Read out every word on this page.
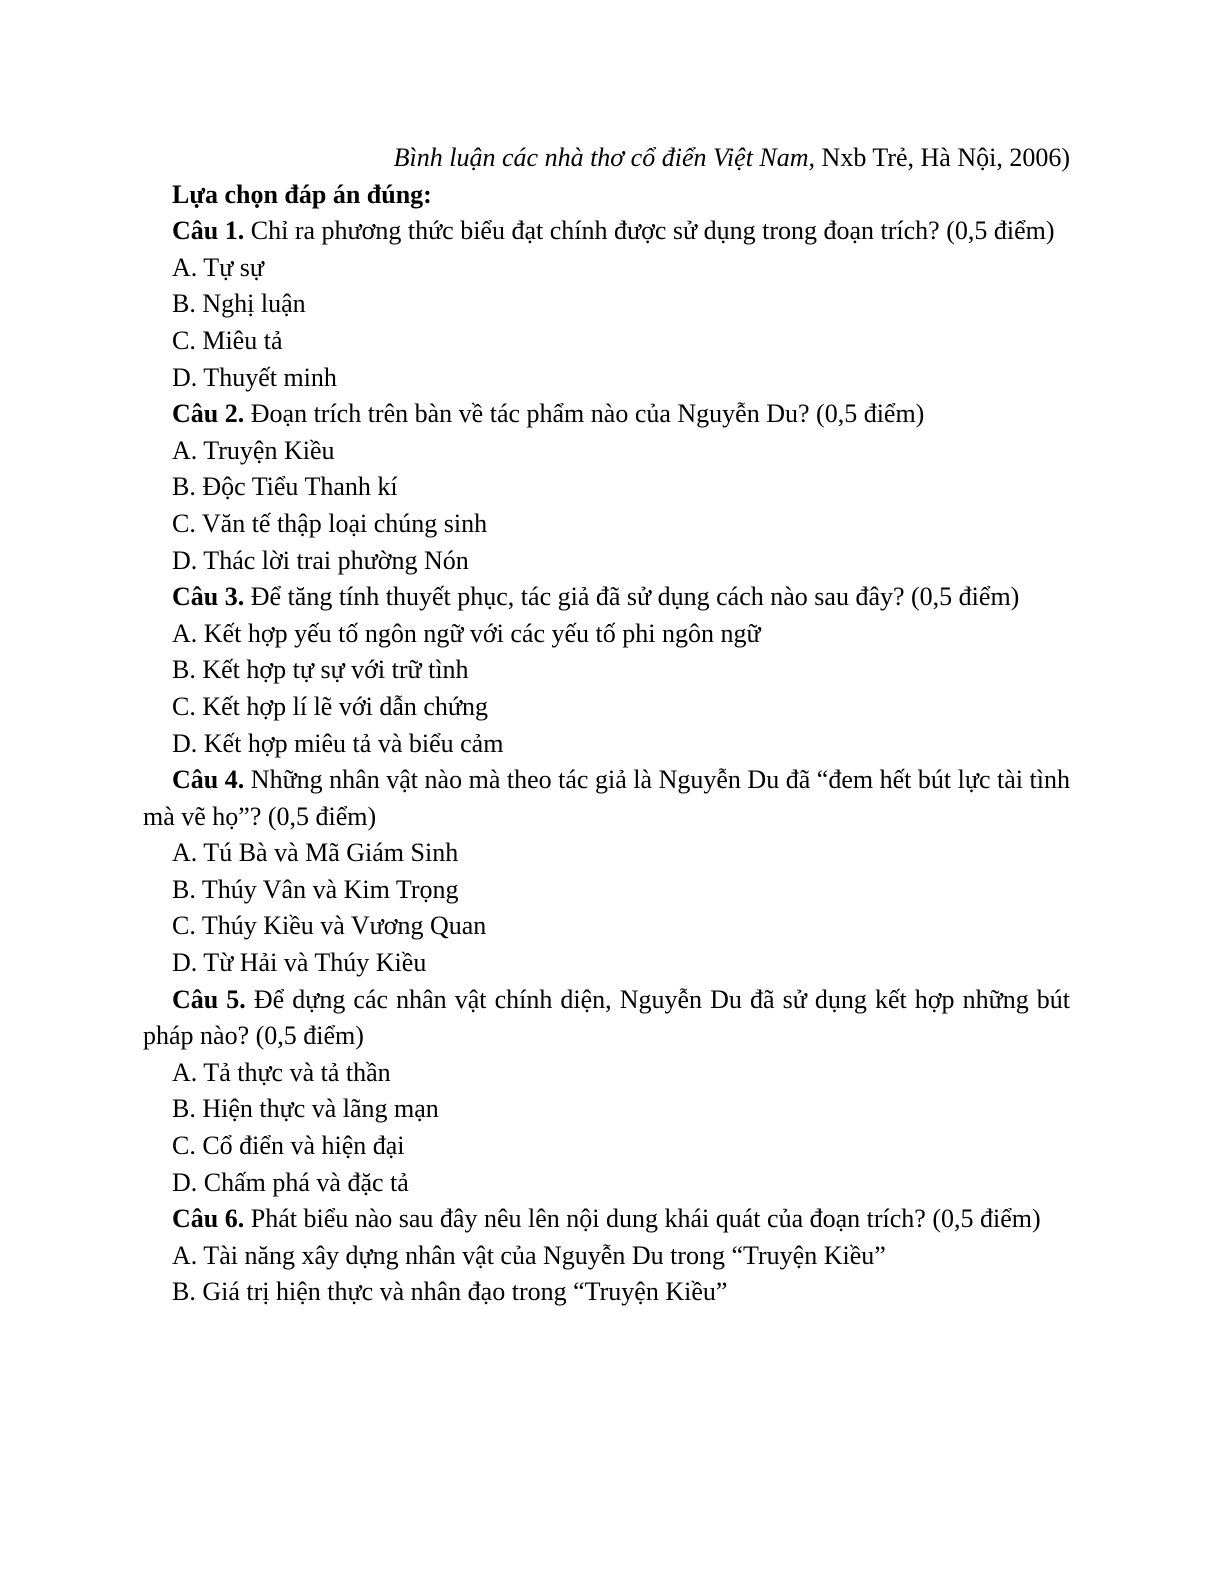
Bình luận các nhà thơ cổ điển Việt Nam, Nxb Trẻ, Hà Nội, 2006)
Lựa chọn đáp án đúng:
Câu 1. Chỉ ra phương thức biểu đạt chính được sử dụng trong đoạn trích? (0,5 điểm)
A. Tự sự
B. Nghị luận
C. Miêu tả
D. Thuyết minh
Câu 2. Đoạn trích trên bàn về tác phẩm nào của Nguyễn Du? (0,5 điểm)
A. Truyện Kiều
B. Độc Tiểu Thanh kí
C. Văn tế thập loại chúng sinh
D. Thác lời trai phường Nón
Câu 3. Để tăng tính thuyết phục, tác giả đã sử dụng cách nào sau đây? (0,5 điểm)
A. Kết hợp yếu tố ngôn ngữ với các yếu tố phi ngôn ngữ
B. Kết hợp tự sự với trữ tình
C. Kết hợp lí lẽ với dẫn chứng
D. Kết hợp miêu tả và biểu cảm
Câu 4. Những nhân vật nào mà theo tác giả là Nguyễn Du đã “đem hết bút lực tài tình mà vẽ họ”? (0,5 điểm)
A. Tú Bà và Mã Giám Sinh
B. Thúy Vân và Kim Trọng
C. Thúy Kiều và Vương Quan
D. Từ Hải và Thúy Kiều
Câu 5. Để dựng các nhân vật chính diện, Nguyễn Du đã sử dụng kết hợp những bút pháp nào? (0,5 điểm)
A. Tả thực và tả thần
B. Hiện thực và lãng mạn
C. Cổ điển và hiện đại
D. Chấm phá và đặc tả
Câu 6. Phát biểu nào sau đây nêu lên nội dung khái quát của đoạn trích? (0,5 điểm)
A. Tài năng xây dựng nhân vật của Nguyễn Du trong “Truyện Kiều”
B. Giá trị hiện thực và nhân đạo trong “Truyện Kiều”
